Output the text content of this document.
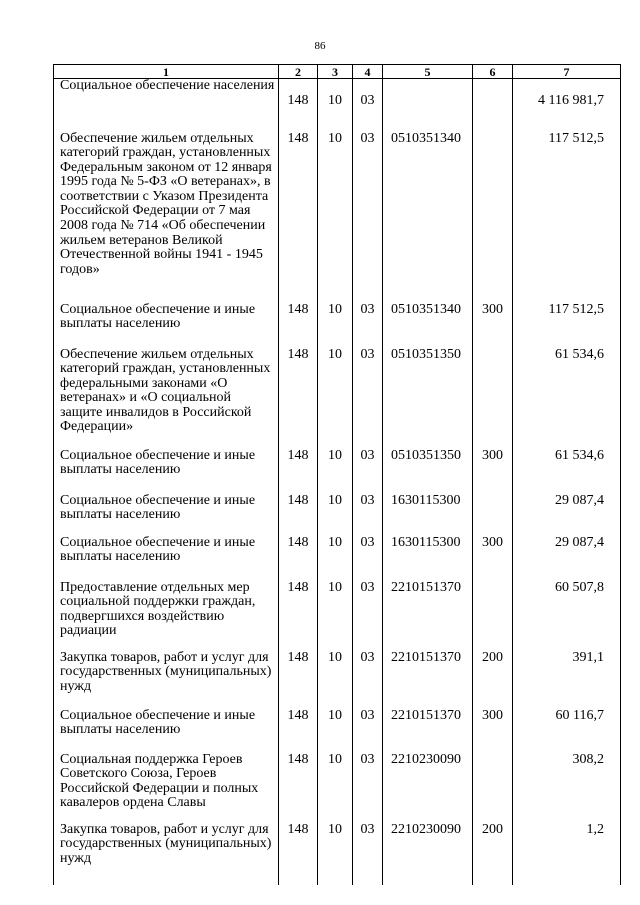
86
1	2	3	4	5	6	7
Социальное обеспечение населения	148	10	03			4 116 981,7
Обеспечение жильем отдельных категорий граждан, установленных Федеральным законом от 12 января 1995 года № 5-ФЗ «О ветеранах», в соответствии с Указом Президента Российской Федерации от 7 мая 2008 года № 714 «Об обеспечении жильем ветеранов Великой Отечественной войны 1941 - 1945 годов»	148	10	03	0510351340		117 512,5
Социальное обеспечение и иные выплаты населению	148	10	03	0510351340	300	117 512,5
Обеспечение жильем отдельных категорий граждан, установленных федеральными законами «О ветеранах» и «О социальной защите инвалидов в Российской Федерации»	148	10	03	0510351350		61 534,6
Социальное обеспечение и иные выплаты населению	148	10	03	0510351350	300	61 534,6
Социальное обеспечение и иные выплаты населению	148	10	03	1630115300		29 087,4
Социальное обеспечение и иные выплаты населению	148	10	03	1630115300	300	29 087,4
Предоставление отдельных мер социальной поддержки граждан, подвергшихся воздействию радиации	148	10	03	2210151370		60 507,8
Закупка товаров, работ и услуг для государственных (муниципальных) нужд	148	10	03	2210151370	200	391,1
Социальное обеспечение и иные выплаты населению	148	10	03	2210151370	300	60 116,7
Социальная поддержка Героев Советского Союза, Героев Российской Федерации и полных кавалеров ордена Славы	148	10	03	2210230090		308,2
Закупка товаров, работ и услуг для государственных (муниципальных) нужд	148	10	03	2210230090	200	1,2
